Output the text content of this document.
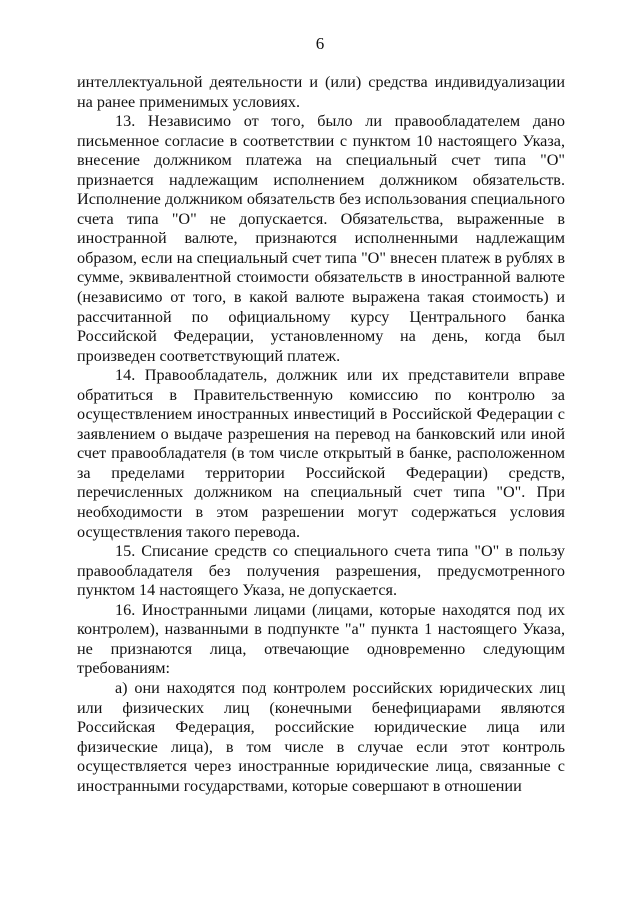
6

интеллектуальной деятельности и (или) средства индивидуализации на ранее применимых условиях.

13. Независимо от того, было ли правообладателем дано письменное согласие в соответствии с пунктом 10 настоящего Указа, внесение должником платежа на специальный счет типа "О" признается надлежащим исполнением должником обязательств. Исполнение должником обязательств без использования специального счета типа "О" не допускается. Обязательства, выраженные в иностранной валюте, признаются исполненными надлежащим образом, если на специальный счет типа "О" внесен платеж в рублях в сумме, эквивалентной стоимости обязательств в иностранной валюте (независимо от того, в какой валюте выражена такая стоимость) и рассчитанной по официальному курсу Центрального банка Российской Федерации, установленному на день, когда был произведен соответствующий платеж.

14. Правообладатель, должник или их представители вправе обратиться в Правительственную комиссию по контролю за осуществлением иностранных инвестиций в Российской Федерации с заявлением о выдаче разрешения на перевод на банковский или иной счет правообладателя (в том числе открытый в банке, расположенном за пределами территории Российской Федерации) средств, перечисленных должником на специальный счет типа "О". При необходимости в этом разрешении могут содержаться условия осуществления такого перевода.

15. Списание средств со специального счета типа "О" в пользу правообладателя без получения разрешения, предусмотренного пунктом 14 настоящего Указа, не допускается.

16. Иностранными лицами (лицами, которые находятся под их контролем), названными в подпункте "а" пункта 1 настоящего Указа, не признаются лица, отвечающие одновременно следующим требованиям:

а) они находятся под контролем российских юридических лиц или физических лиц (конечными бенефициарами являются Российская Федерация, российские юридические лица или физические лица), в том числе в случае если этот контроль осуществляется через иностранные юридические лица, связанные с иностранными государствами, которые совершают в отношении
